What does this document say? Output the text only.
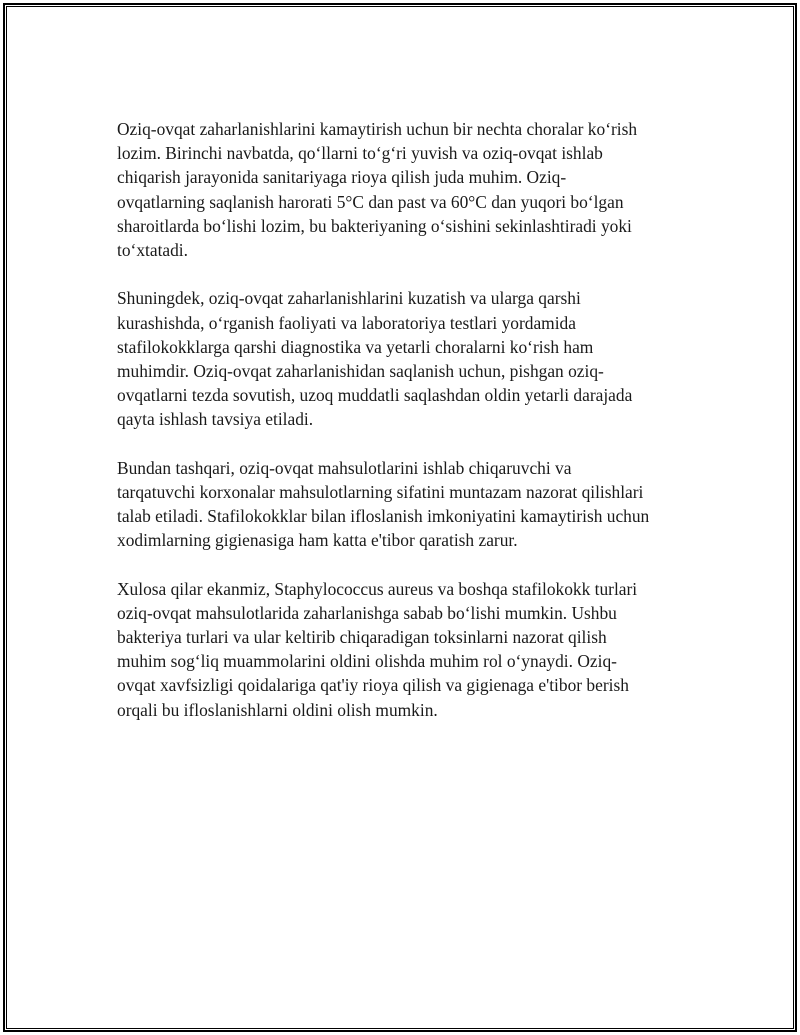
Oziq-ovqat zaharlanishlarini kamaytirish uchun bir nechta choralar ko‘rish
lozim. Birinchi navbatda, qo‘llarni to‘g‘ri yuvish va oziq-ovqat ishlab
chiqarish jarayonida sanitariyaga rioya qilish juda muhim. Oziq-
ovqatlarning saqlanish harorati 5°C dan past va 60°C dan yuqori bo‘lgan
sharoitlarda bo‘lishi lozim, bu bakteriyaning o‘sishini sekinlashtiradi yoki
to‘xtatadi.

Shuningdek, oziq-ovqat zaharlanishlarini kuzatish va ularga qarshi
kurashishda, o‘rganish faoliyati va laboratoriya testlari yordamida
stafilokokklarga qarshi diagnostika va yetarli choralarni ko‘rish ham
muhimdir. Oziq-ovqat zaharlanishidan saqlanish uchun, pishgan oziq-
ovqatlarni tezda sovutish, uzoq muddatli saqlashdan oldin yetarli darajada
qayta ishlash tavsiya etiladi.

Bundan tashqari, oziq-ovqat mahsulotlarini ishlab chiqaruvchi va
tarqatuvchi korxonalar mahsulotlarning sifatini muntazam nazorat qilishlari
talab etiladi. Stafilokokklar bilan ifloslanish imkoniyatini kamaytirish uchun
xodimlarning gigienasiga ham katta e'tibor qaratish zarur.

Xulosa qilar ekanmiz, Staphylococcus aureus va boshqa stafilokokk turlari
oziq-ovqat mahsulotlarida zaharlanishga sabab bo‘lishi mumkin. Ushbu
bakteriya turlari va ular keltirib chiqaradigan toksinlarni nazorat qilish
muhim sog‘liq muammolarini oldini olishda muhim rol o‘ynaydi. Oziq-
ovqat xavfsizligi qoidalariga qat'iy rioya qilish va gigienaga e'tibor berish
orqali bu ifloslanishlarni oldini olish mumkin.
